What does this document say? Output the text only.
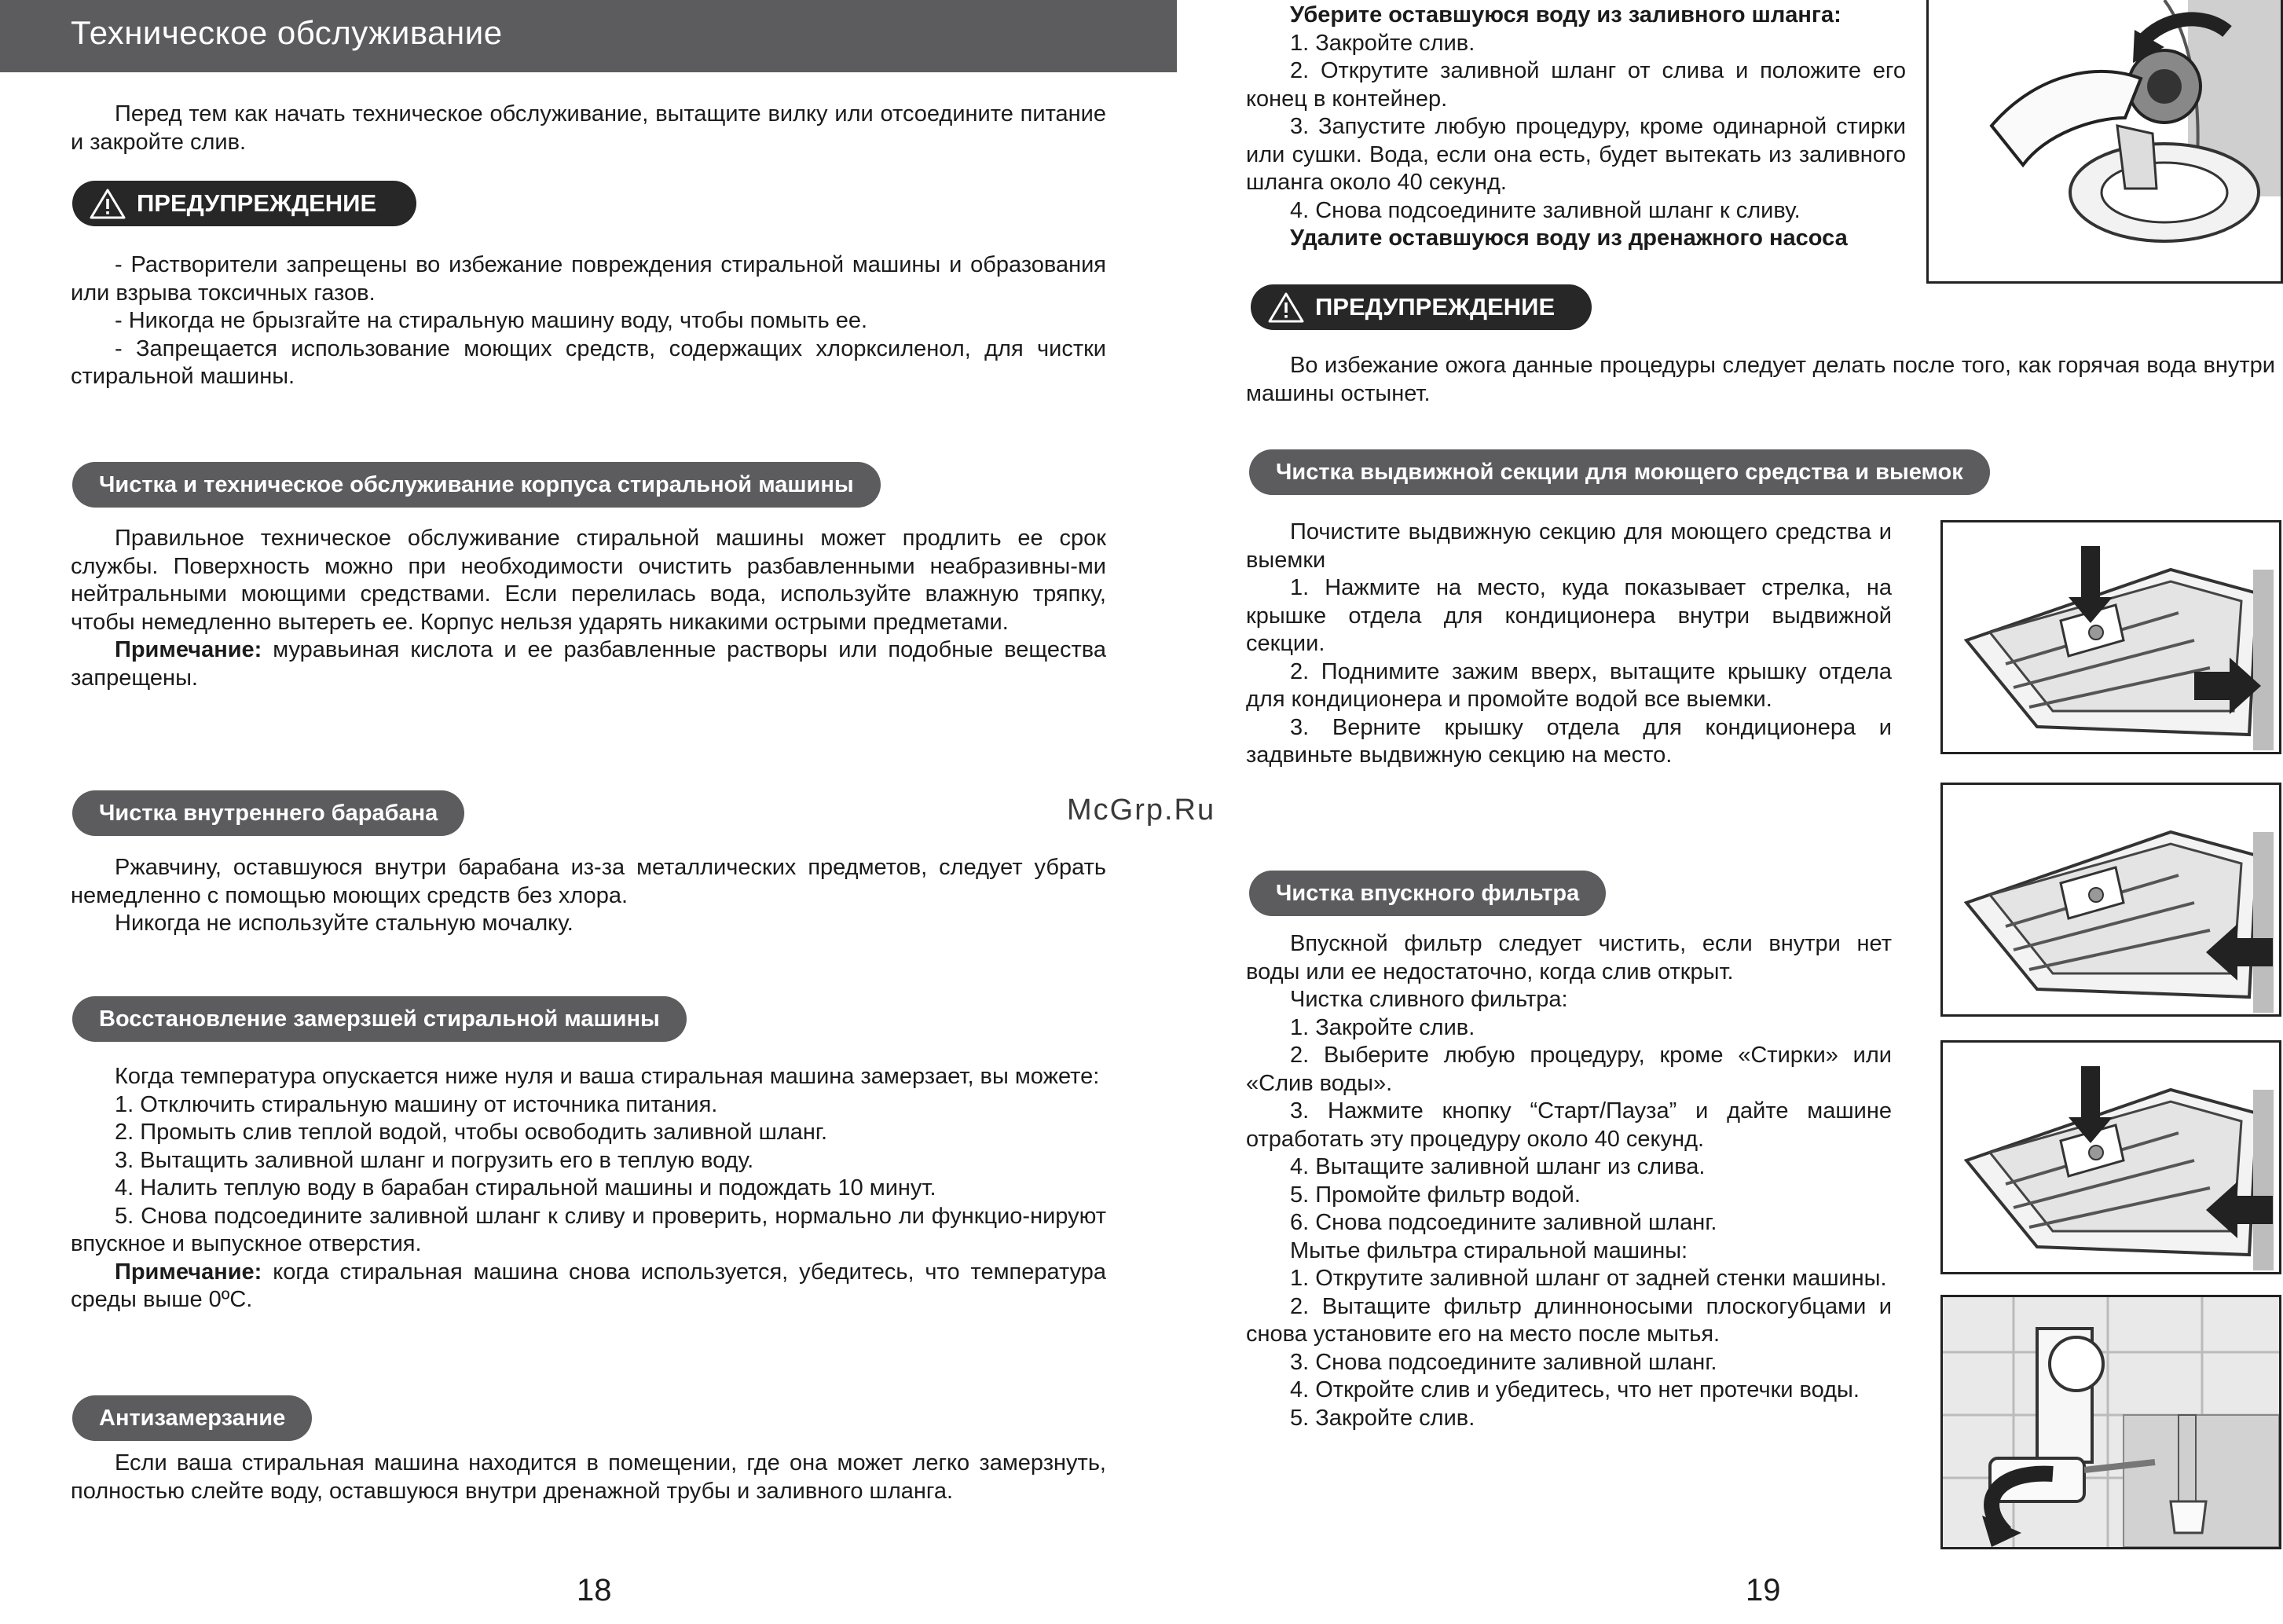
Техническое обслуживание

Перед тем как начать техническое обслуживание, вытащите вилку или отсоедините питание и закройте слив.

ПРЕДУПРЕЖДЕНИЕ

- Растворители запрещены во избежание повреждения стиральной машины и образования или взрыва токсичных газов.

- Никогда не брызгайте на стиральную машину воду, чтобы помыть ее.

- Запрещается использование моющих средств, содержащих хлорксиленол, для чистки стиральной машины.

Чистка и техническое обслуживание корпуса стиральной машины

Правильное техническое обслуживание стиральной машины может продлить ее срок службы. Поверхность можно при необходимости очистить разбавленными неабразивны-ми нейтральными моющими средствами. Если перелилась вода, используйте влажную тряпку, чтобы немедленно вытереть ее. Корпус нельзя ударять никакими острыми предметами.

Примечание: муравьиная кислота и ее разбавленные растворы или подобные вещества запрещены.

Чистка внутреннего барабана

Ржавчину, оставшуюся внутри барабана из-за металлических предметов, следует убрать немедленно с помощью моющих средств без хлора.

Никогда не используйте стальную мочалку.

Восстановление замерзшей стиральной машины

Когда температура опускается ниже нуля и ваша стиральная машина замерзает, вы можете:

1. Отключить стиральную машину от источника питания.

2. Промыть слив теплой водой, чтобы освободить заливной шланг.

3. Вытащить заливной шланг и погрузить его в теплую воду.

4. Налить теплую воду в барабан стиральной машины и подождать 10 минут.

5. Снова подсоедините заливной шланг к сливу и проверить, нормально ли функцио-нируют впускное и выпускное отверстия.

Примечание: когда стиральная машина снова используется, убедитесь, что температура среды выше 0ºC.

Антизамерзание

Если ваша стиральная машина находится в помещении, где она может легко замерзнуть, полностью слейте воду, оставшуюся внутри дренажной трубы и заливного шланга.

18
McGrp.Ru

Уберите оставшуюся воду из заливного шланга:

1. Закройте слив.

2. Открутите заливной шланг от слива и положите его конец в контейнер.

3. Запустите любую процедуру, кроме одинарной стирки или сушки. Вода, если она есть, будет вытекать из заливного шланга около 40 секунд.

4. Снова подсоедините заливной шланг к сливу.

Удалите оставшуюся воду из дренажного насоса

ПРЕДУПРЕЖДЕНИЕ

Во избежание ожога данные процедуры следует делать после того, как горячая вода внутри машины остынет.

Чистка выдвижной секции для моющего средства и выемок

Почистите выдвижную секцию для моющего средства и выемки

1. Нажмите на место, куда показывает стрелка, на крышке отдела для кондиционера внутри выдвижной секции.

2. Поднимите зажим вверх, вытащите крышку отдела для кондиционера и промойте водой все выемки.

3. Верните крышку отдела для кондиционера и задвиньте выдвижную секцию на место.

Чистка впускного фильтра

Впускной фильтр следует чистить, если внутри нет воды или ее недостаточно, когда слив открыт.

Чистка сливного фильтра:

1. Закройте слив.

2. Выберите любую процедуру, кроме «Стирки» или «Слив воды».

3. Нажмите кнопку “Старт/Пауза” и дайте машине отработать эту процедуру около 40 секунд.

4. Вытащите заливной шланг из слива.

5. Промойте фильтр водой.

6. Снова подсоедините заливной шланг.

Мытье фильтра стиральной машины:

1. Открутите заливной шланг от задней стенки машины.

2. Вытащите фильтр длинноносыми плоскогубцами и снова установите его на место после мытья.

3. Снова подсоедините заливной шланг.

4. Откройте слив и убедитесь, что нет протечки воды.

5. Закройте слив.

19
